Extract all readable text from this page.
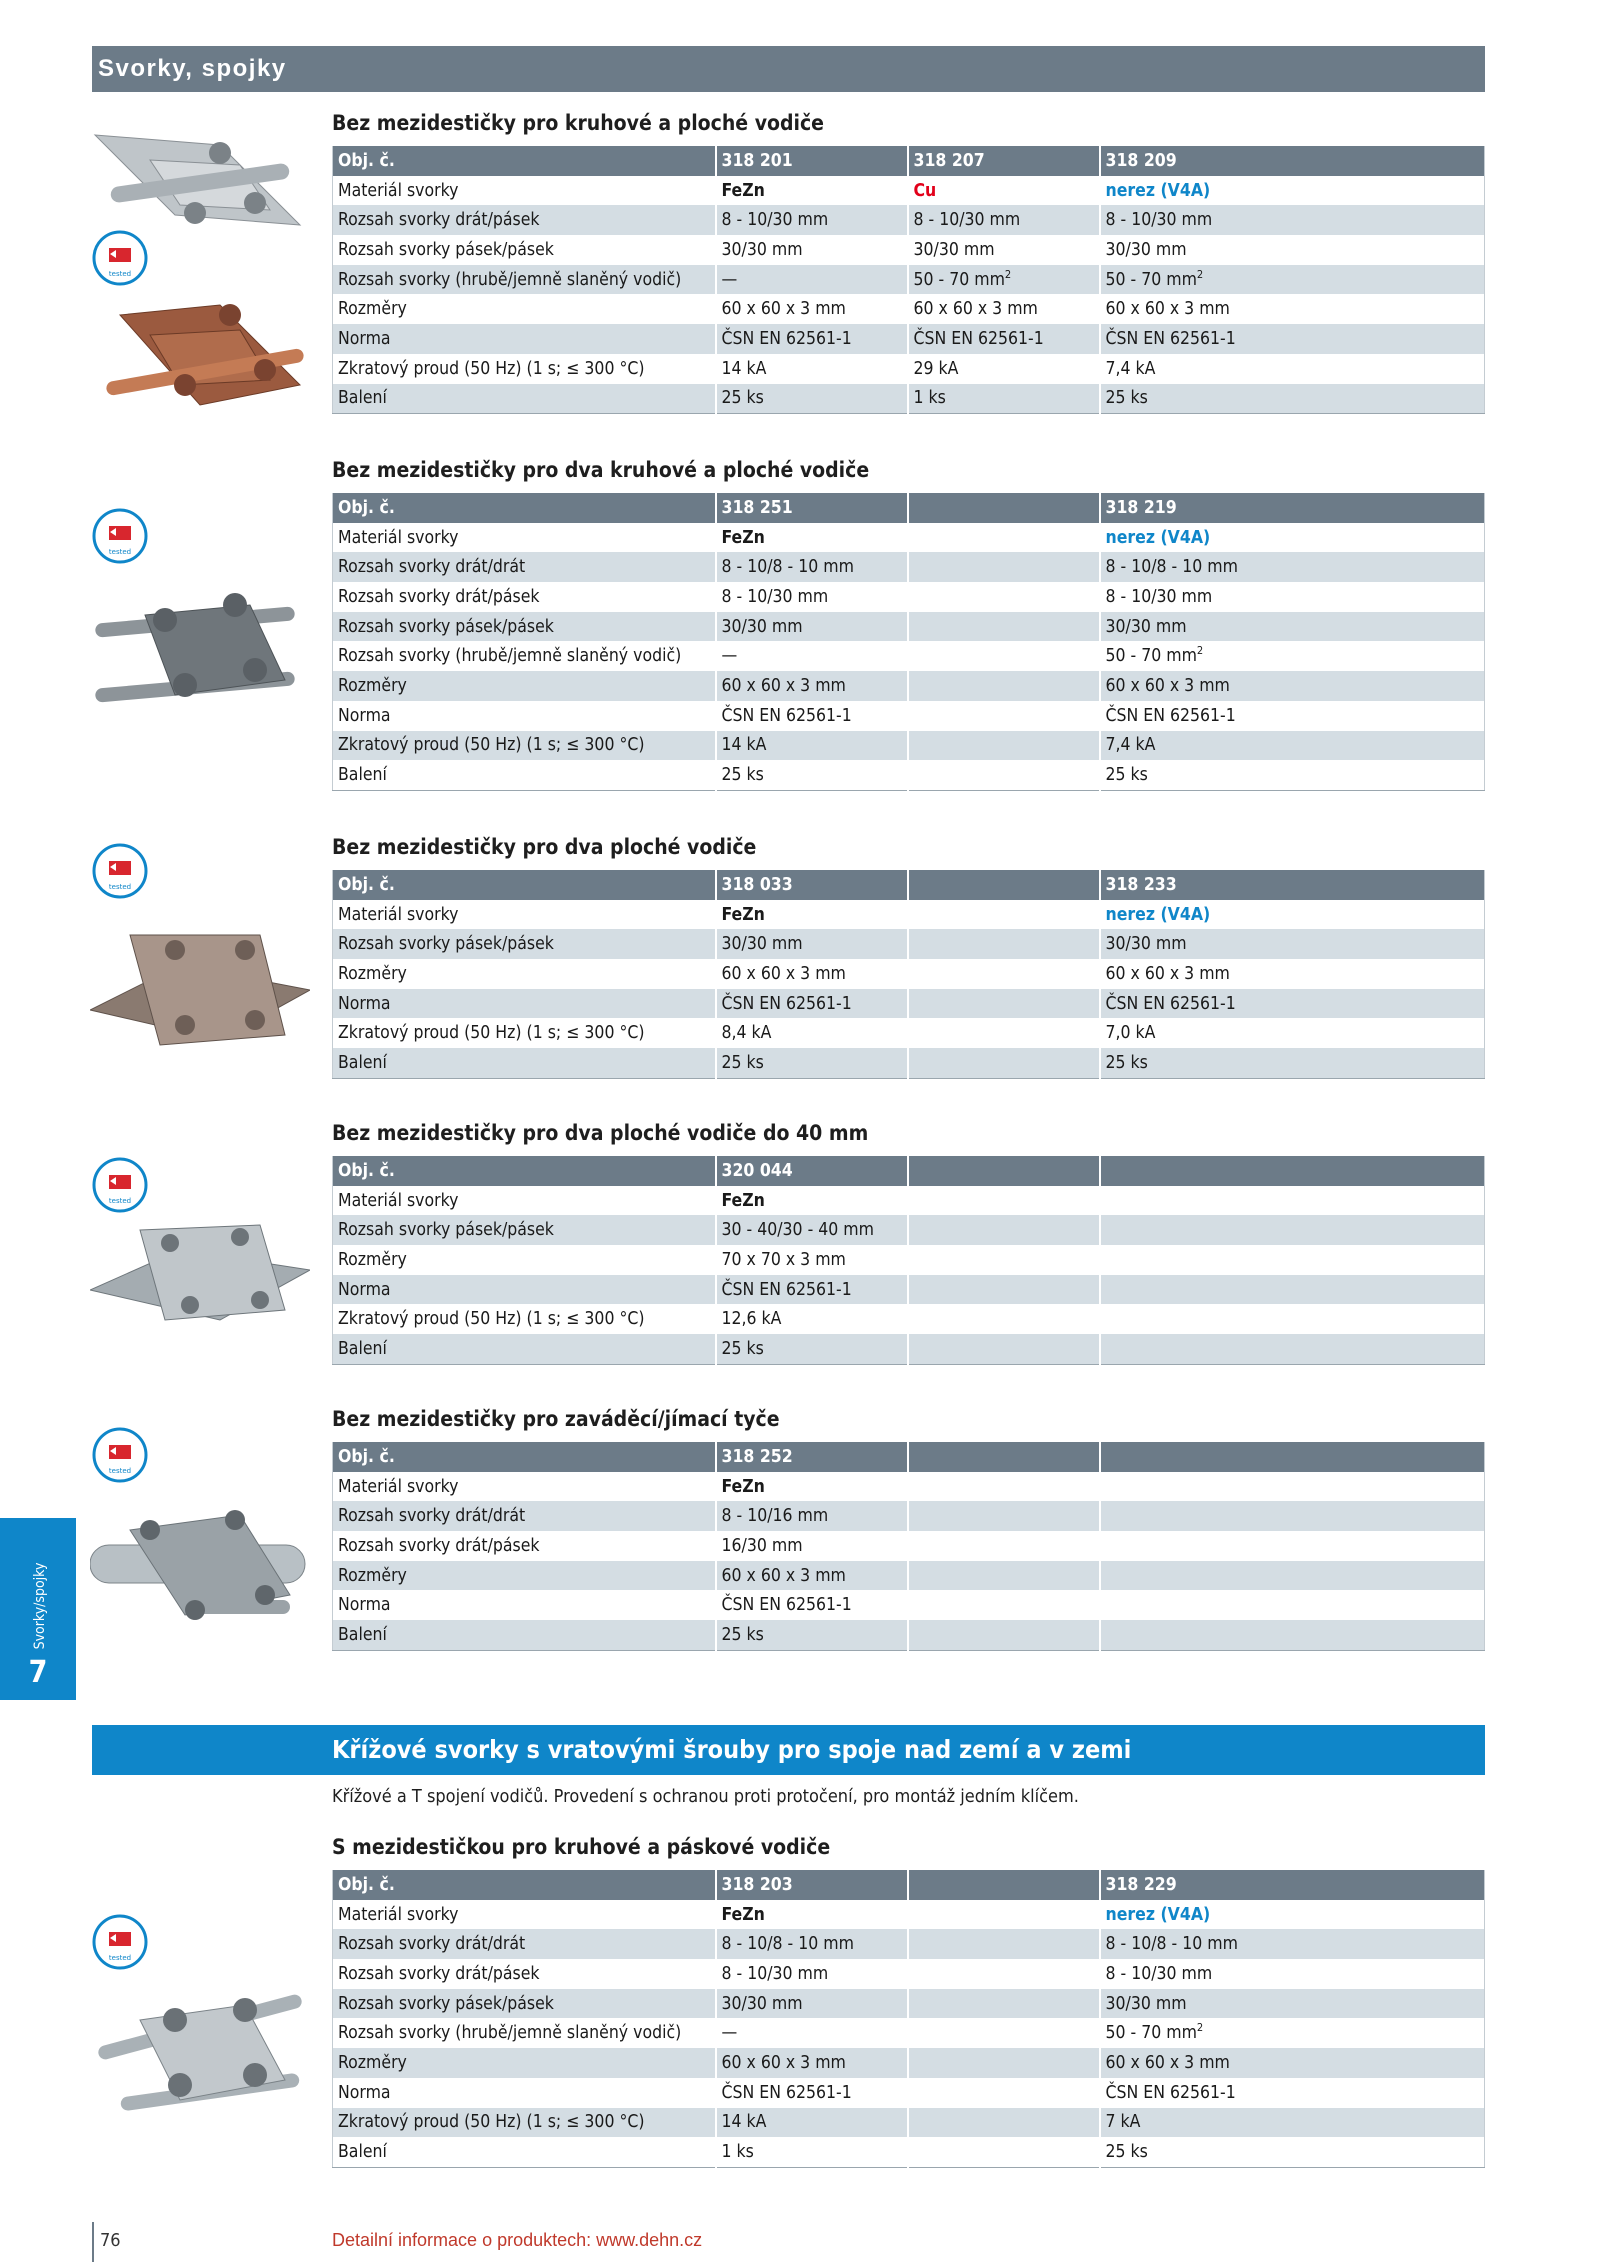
Svorky, spojky
Svorky/spojky
7
Bez mezidestičky pro kruhové a ploché vodiče
Obj. č.	318 201	318 207	318 209
Materiál svorky	FeZn	Cu	nerez (V4A)
Rozsah svorky drát/pásek	8 - 10/30 mm	8 - 10/30 mm	8 - 10/30 mm
Rozsah svorky pásek/pásek	30/30 mm	30/30 mm	30/30 mm
Rozsah svorky (hrubě/jemně slaněný vodič)	—	50 - 70 $mm^2$	50 - 70 $mm^2$
Rozměry	60 x 60 x 3 mm	60 x 60 x 3 mm	60 x 60 x 3 mm
Norma	ČSN EN 62561-1	ČSN EN 62561-1	ČSN EN 62561-1
Zkratový proud (50 Hz) (1 s; ≤ 300 °C)	14 kA	29 kA	7,4 kA
Balení	25 ks	1 ks	25 ks
Bez mezidestičky pro dva kruhové a ploché vodiče
Obj. č.	318 251		318 219
Materiál svorky	FeZn		nerez (V4A)
Rozsah svorky drát/drát	8 - 10/8 - 10 mm		8 - 10/8 - 10 mm
Rozsah svorky drát/pásek	8 - 10/30 mm		8 - 10/30 mm
Rozsah svorky pásek/pásek	30/30 mm		30/30 mm
Rozsah svorky (hrubě/jemně slaněný vodič)	—		50 - 70 $mm^2$
Rozměry	60 x 60 x 3 mm		60 x 60 x 3 mm
Norma	ČSN EN 62561-1		ČSN EN 62561-1
Zkratový proud (50 Hz) (1 s; ≤ 300 °C)	14 kA		7,4 kA
Balení	25 ks		25 ks
Bez mezidestičky pro dva ploché vodiče
Obj. č.	318 033		318 233
Materiál svorky	FeZn		nerez (V4A)
Rozsah svorky pásek/pásek	30/30 mm		30/30 mm
Rozměry	60 x 60 x 3 mm		60 x 60 x 3 mm
Norma	ČSN EN 62561-1		ČSN EN 62561-1
Zkratový proud (50 Hz) (1 s; ≤ 300 °C)	8,4 kA		7,0 kA
Balení	25 ks		25 ks
Bez mezidestičky pro dva ploché vodiče do 40 mm
Obj. č.	320 044		
Materiál svorky	FeZn		
Rozsah svorky pásek/pásek	30 - 40/30 - 40 mm		
Rozměry	70 x 70 x 3 mm		
Norma	ČSN EN 62561-1		
Zkratový proud (50 Hz) (1 s; ≤ 300 °C)	12,6 kA		
Balení	25 ks		
Bez mezidestičky pro zaváděcí/jímací tyče
Obj. č.	318 252		
Materiál svorky	FeZn		
Rozsah svorky drát/drát	8 - 10/16 mm		
Rozsah svorky drát/pásek	16/30 mm		
Rozměry	60 x 60 x 3 mm		
Norma	ČSN EN 62561-1		
Balení	25 ks		
Křížové svorky s vratovými šrouby pro spoje nad zemí a v zemi
Křížové a T spojení vodičů. Provedení s ochranou proti protočení, pro montáž jedním klíčem.
S mezidestičkou pro kruhové a páskové vodiče
Obj. č.	318 203		318 229
Materiál svorky	FeZn		nerez (V4A)
Rozsah svorky drát/drát	8 - 10/8 - 10 mm		8 - 10/8 - 10 mm
Rozsah svorky drát/pásek	8 - 10/30 mm		8 - 10/30 mm
Rozsah svorky pásek/pásek	30/30 mm		30/30 mm
Rozsah svorky (hrubě/jemně slaněný vodič)	—		50 - 70 $mm^2$
Rozměry	60 x 60 x 3 mm		60 x 60 x 3 mm
Norma	ČSN EN 62561-1		ČSN EN 62561-1
Zkratový proud (50 Hz) (1 s; ≤ 300 °C)	14 kA		7 kA
Balení	1 ks		25 ks
tested
tested
tested
tested
tested
tested
76	Detailní informace o produktech: www.dehn.cz
